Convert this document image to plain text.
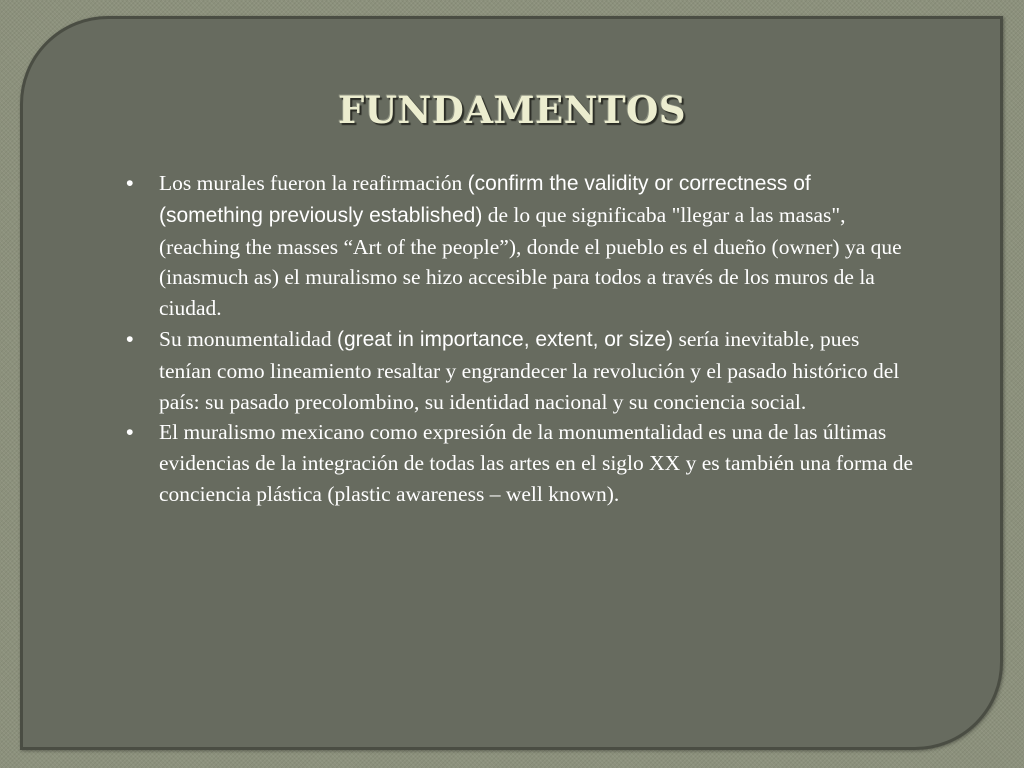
FUNDAMENTOS
• Los murales fueron la reafirmación (confirm the validity or correctness of (something previously established) de lo que significaba "llegar a las masas", (reaching the masses “Art of the people”), donde el pueblo es el dueño (owner) ya que (inasmuch as) el muralismo se hizo accesible para todos a través de los muros de la ciudad.
• Su monumentalidad (great in importance, extent, or size) sería inevitable, pues tenían como lineamiento resaltar y engrandecer la revolución y el pasado histórico del país: su pasado precolombino, su identidad nacional y su conciencia social.
• El muralismo mexicano como expresión de la monumentalidad es una de las últimas evidencias de la integración de todas las artes en el siglo XX y es también una forma de conciencia plástica (plastic awareness – well known).
